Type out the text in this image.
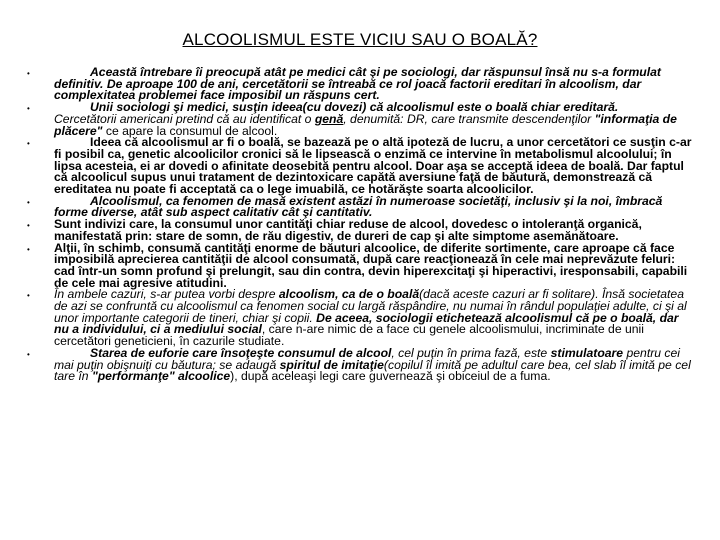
ALCOOLISMUL ESTE VICIU SAU O BOALĂ?
•	Această întrebare îi preocupă atât pe medici cât şi pe sociologi, dar răspunsul însă nu s-a formulat definitiv. De aproape 100 de ani, cercetătorii se întreabă ce rol joacă factorii ereditari în alcoolism, dar complexitatea problemei face imposibil un răspuns cert.
•	Unii sociologi şi medici, susţin ideea(cu dovezi) că alcoolismul este o boală chiar ereditară.
Cercetătorii americani pretind că au identificat o genă, denumită: DR, care transmite descendenţilor "informaţia de plăcere" ce apare la consumul de alcool.
•	Ideea că alcoolismul ar fi o boală, se bazează pe o altă ipoteză de lucru, a unor cercetători ce susţin c-ar fi posibil ca, genetic alcoolicilor cronici să le lipsească o enzimă ce intervine în metabolismul alcoolului; în lipsa acesteia, ei ar dovedi o afinitate deosebită pentru alcool. Doar aşa se acceptă ideea de boală. Dar faptul că alcoolicul supus unui tratament de dezintoxicare capătă aversiune faţă de băutură, demonstrează că ereditatea nu poate fi acceptată ca o lege imuabilă, ce hotărăşte soarta alcoolicilor.
•	Alcoolismul, ca fenomen de masă existent astăzi în numeroase societăţi, inclusiv şi la noi, îmbracă forme diverse, atât sub aspect calitativ cât şi cantitativ.
• Sunt indivizi care, la consumul unor cantităţi chiar reduse de alcool, dovedesc o intoleranţă organică, manifestată prin: stare de somn, de rău digestiv, de dureri de cap şi alte simptome asemănătoare.
• Alţii, în schimb, consumă cantităţi enorme de băuturi alcoolice, de diferite sortimente, care aproape că face imposibilă aprecierea cantităţii de alcool consumată, după care reacţionează în cele mai neprevăzute feluri: cad într-un somn profund şi prelungit, sau din contra, devin hiperexcitaţi şi hiperactivi, iresponsabili, capabili de cele mai agresive atitudini.
• În ambele cazuri, s-ar putea vorbi despre alcoolism, ca de o boală(dacă aceste cazuri ar fi solitare). Însă societatea de azi se confruntă cu alcoolismul ca fenomen social cu largă răspândire, nu numai în rândul populaţiei adulte, ci şi al unor importante categorii de tineri, chiar şi copii. De aceea, sociologii etichetează alcoolismul că pe o boală, dar nu a individului, ci a mediului social, care n-are nimic de a face cu genele alcoolismului, incriminate de unii cercetători geneticieni, în cazurile studiate.
•	Starea de euforie care însoţeşte consumul de alcool, cel puţin în prima fază, este stimulatoare pentru cei mai puţin obişnuiţi cu băutura; se adaugă spiritul de imitaţie(copilul îl imită pe adultul care bea, cel slab îl imită pe cel tare în "performanţe" alcoolice), după aceleaşi legi care guvernează şi obiceiul de a fuma.
